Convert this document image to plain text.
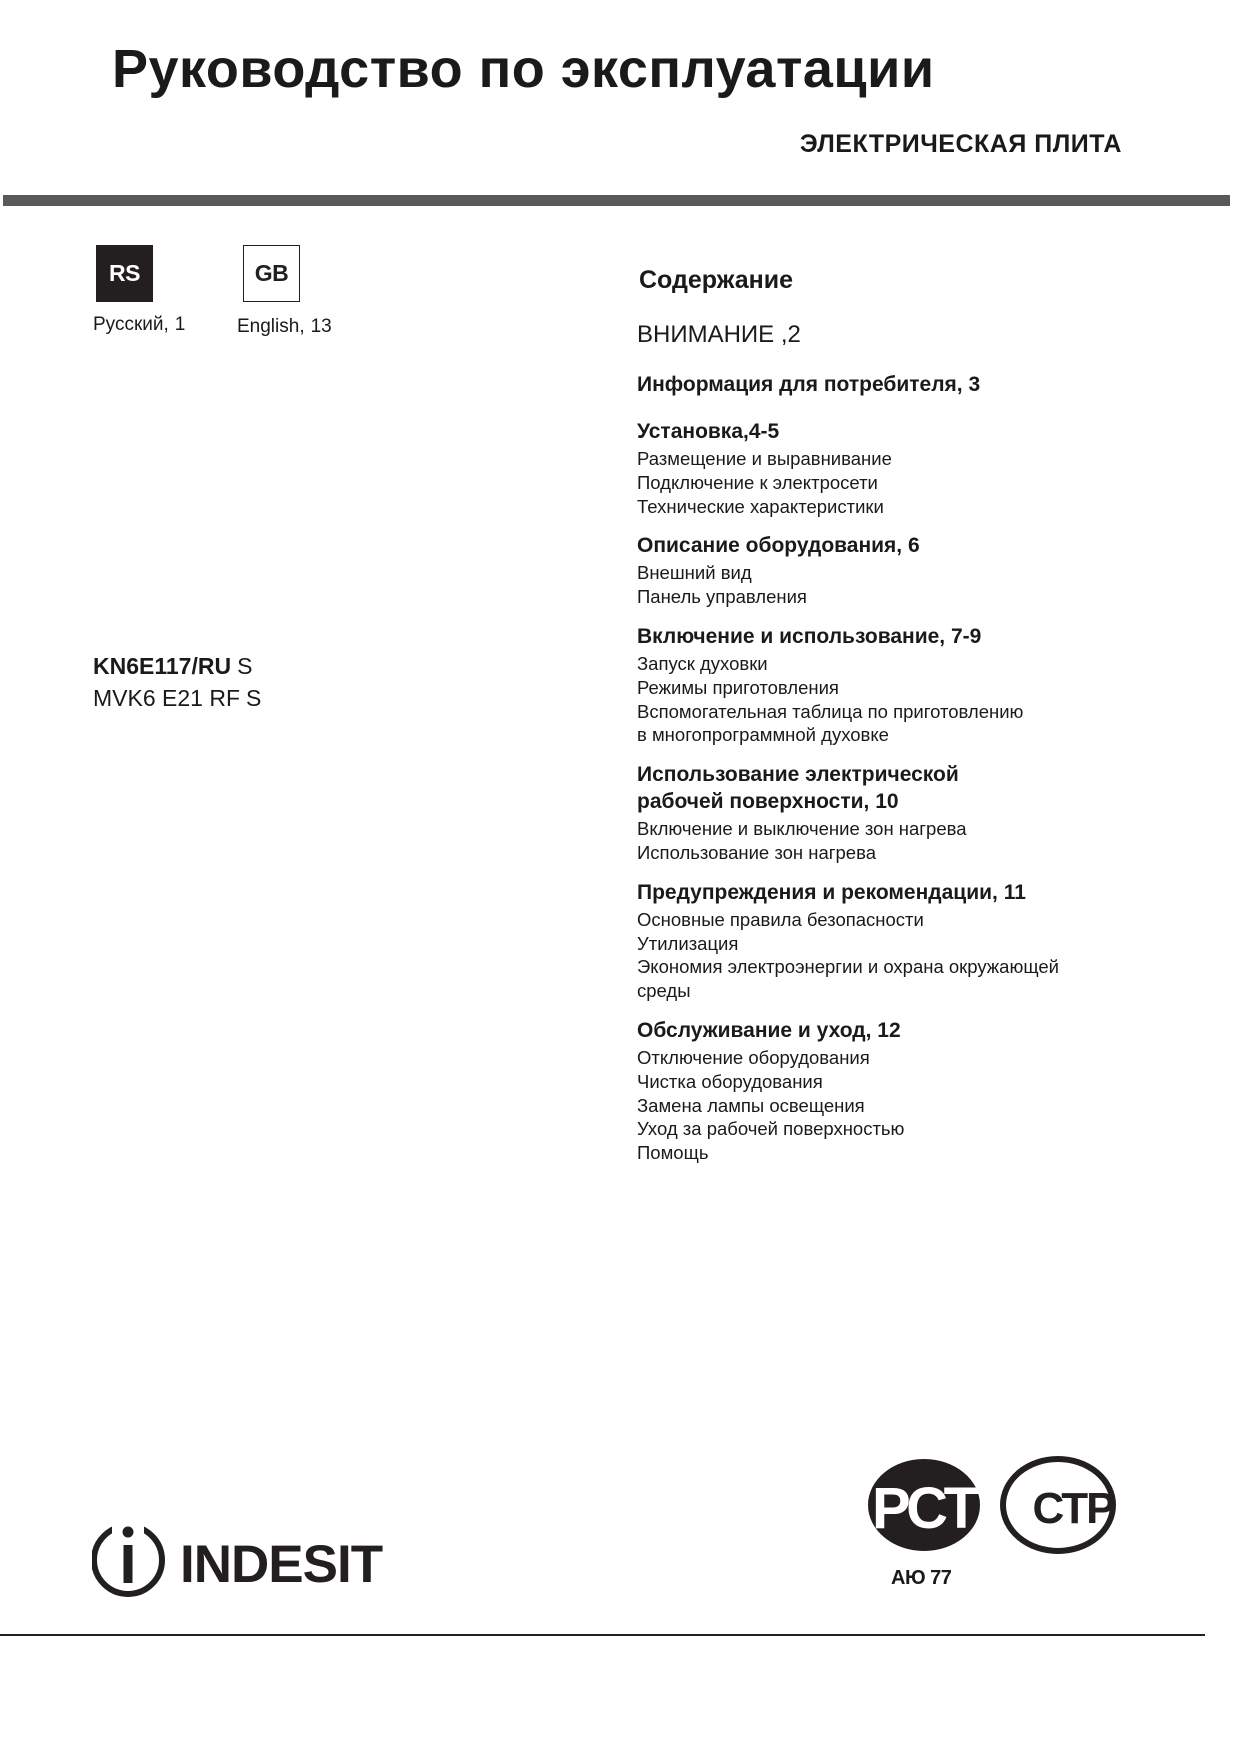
Руководство по эксплуатации
ЭЛЕКТРИЧЕСКАЯ ПЛИТА
RS
Русский, 1
GB
English, 13
KN6E117/RU S
MVK6 E21 RF S
Содержание
ВНИМАНИЕ ,2
Информация для потребителя, 3
Установка,4-5
Размещение и выравнивание
Подключение к электросети
Технические характеристики
Описание оборудования, 6
Внешний вид
Панель управления
Включение и использование, 7-9
Запуск духовки
Режимы приготовления
Вспомогательная таблица по приготовлению
в многопрограммной духовке
Использование электрической рабочей поверхности, 10
Включение и выключение зон нагрева
Использование зон нагрева
Предупреждения и рекомендации, 11
Основные правила безопасности
Утилизация
Экономия электроэнергии и охрана окружающей
среды
Обслуживание и уход, 12
Отключение оборудования
Чистка оборудования
Замена лампы освещения
Уход за рабочей поверхностью
Помощь
INDESIT
РСТ СТР
АЮ 77
